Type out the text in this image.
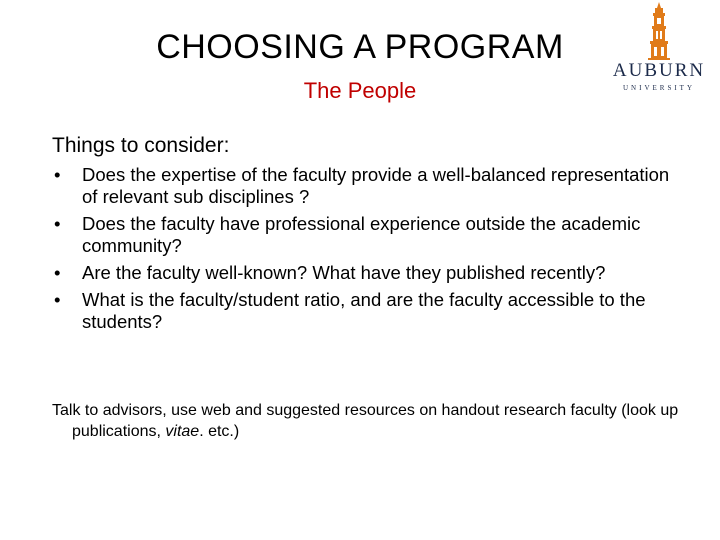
CHOOSING A PROGRAM
The People
AUBURN
UNIVERSITY
Things to consider:
• Does the expertise of the faculty provide a well-balanced representation of relevant sub disciplines ?
• Does the faculty have professional experience outside the academic community?
• Are the faculty well-known? What have they published recently?
• What is the faculty/student ratio, and are the faculty accessible to the students?
Talk to advisors, use web and suggested resources on handout research faculty (look up publications, vitae. etc.)
